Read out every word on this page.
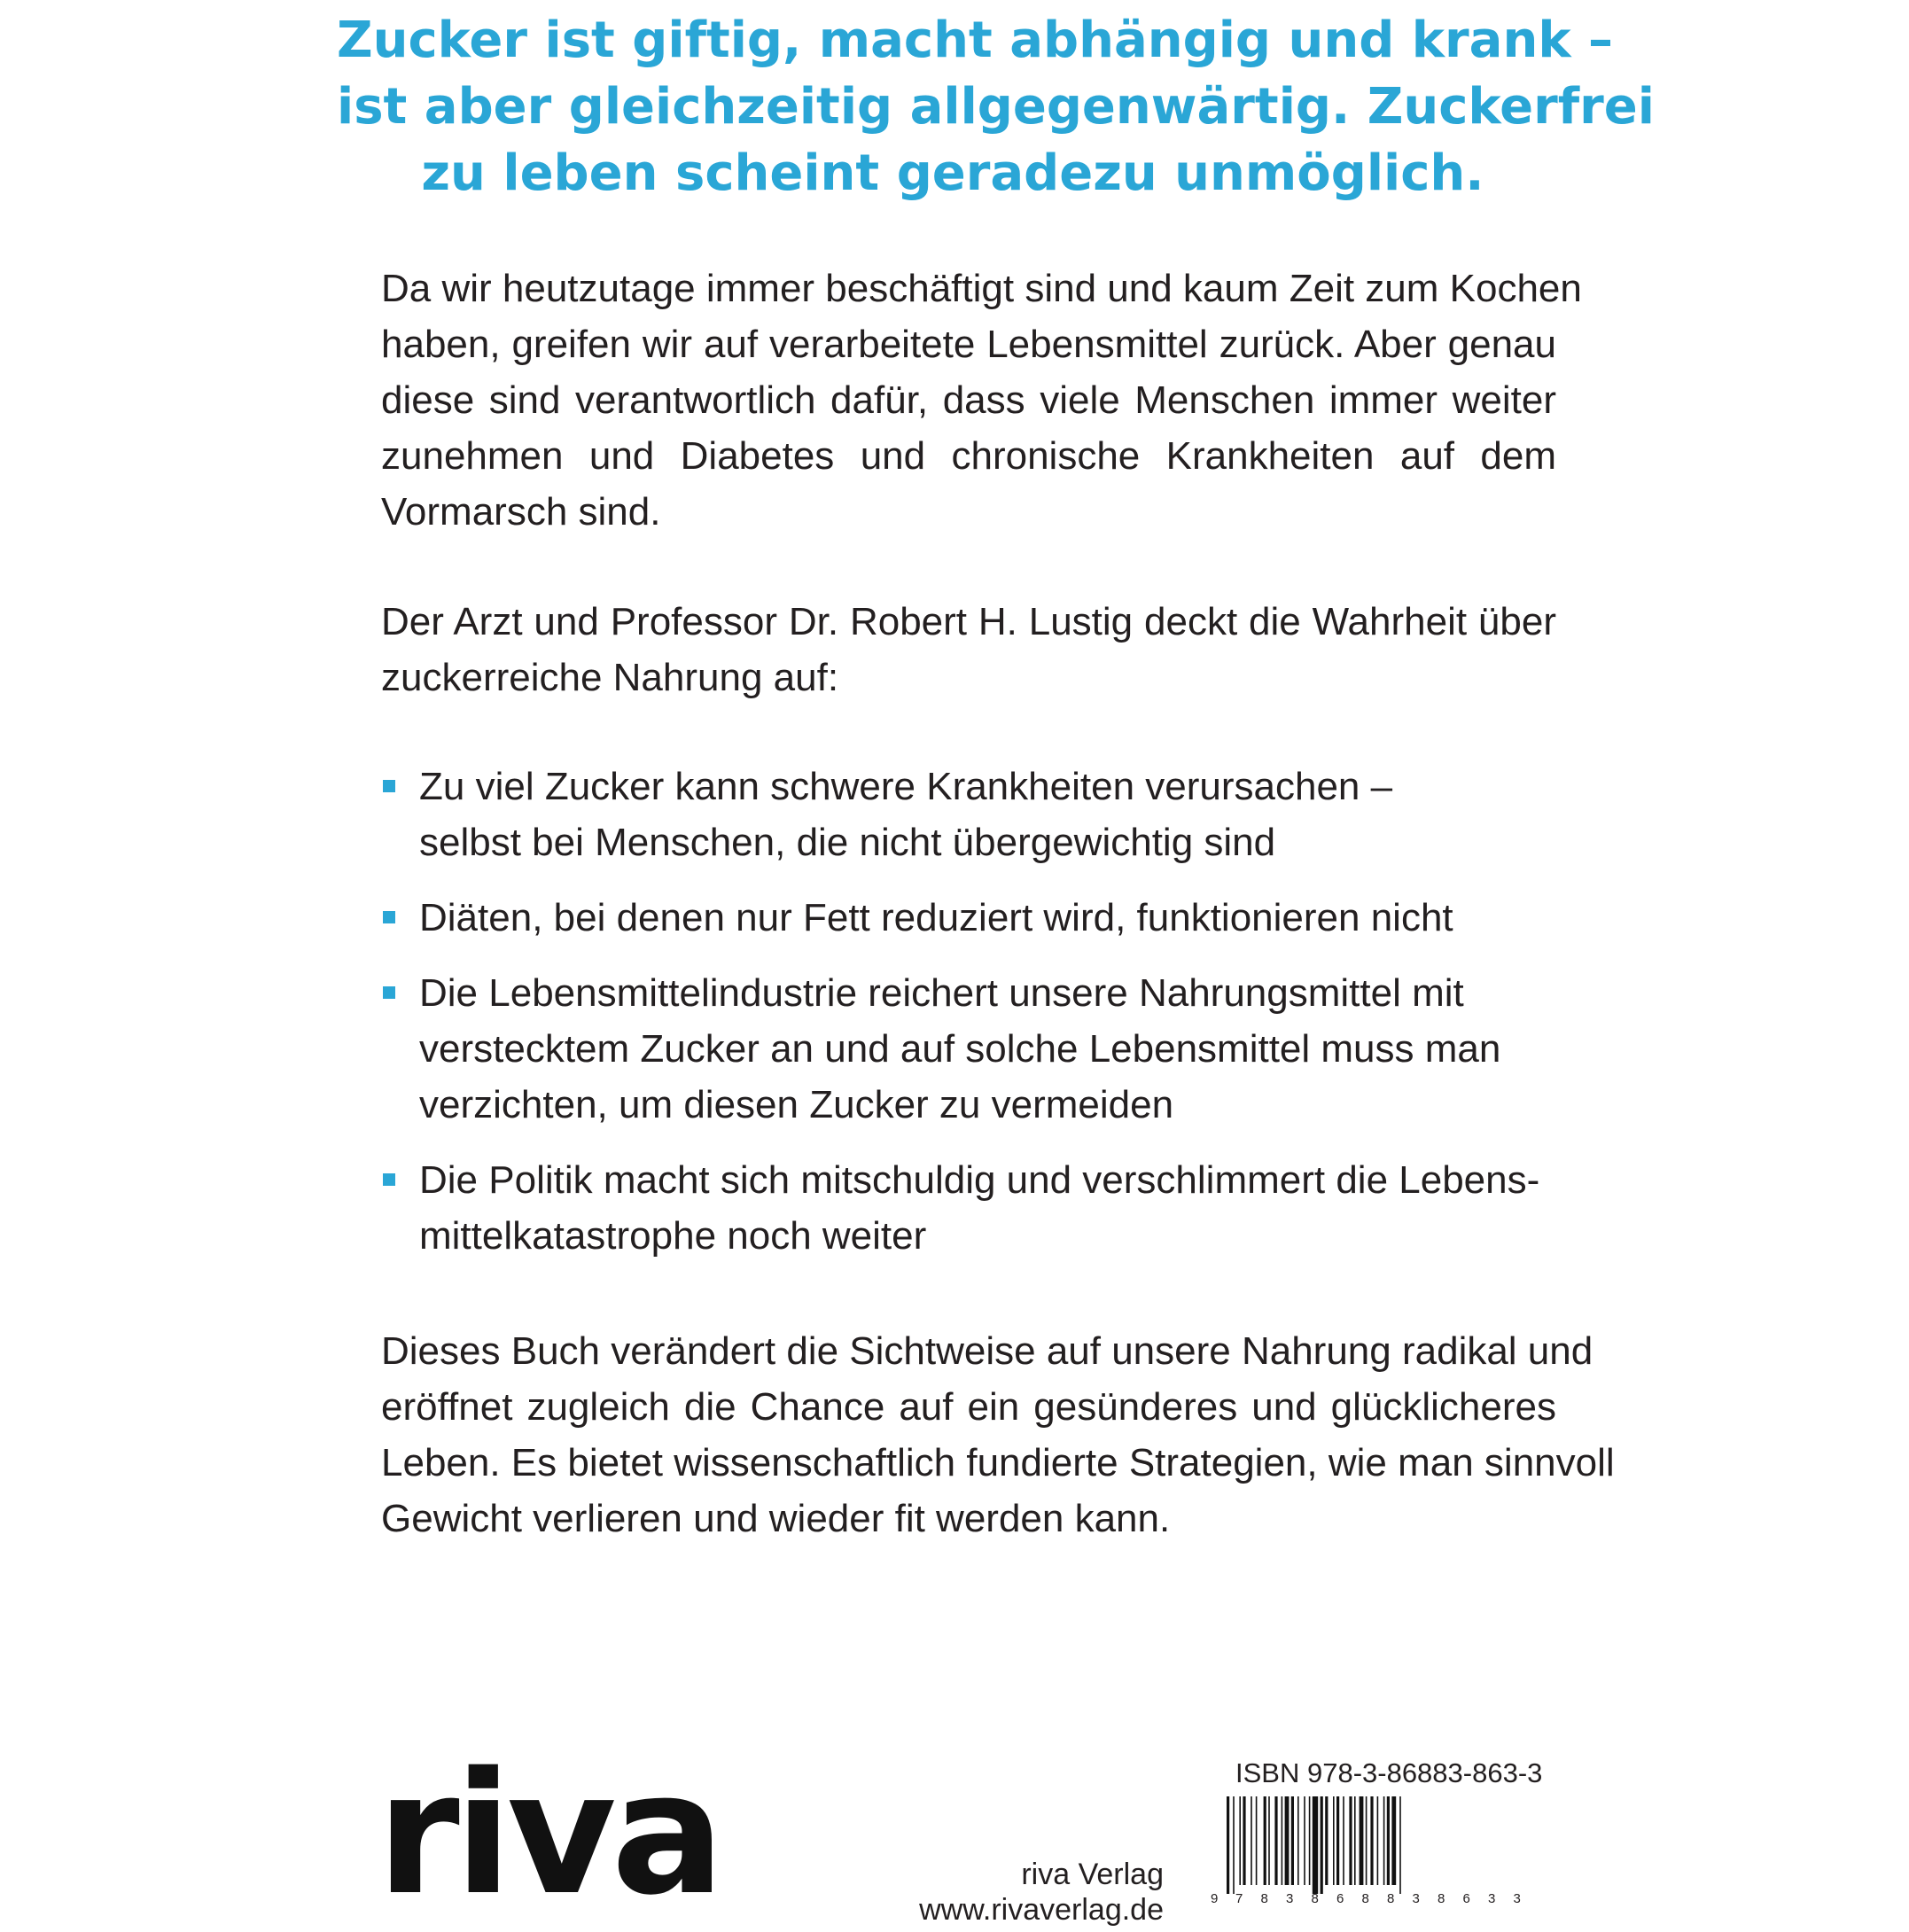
Zucker ist giftig, macht abhängig und krank –
ist aber gleichzeitig allgegenwärtig. Zuckerfrei
zu leben scheint geradezu unmöglich.

Da wir heutzutage immer beschäftigt sind und kaum Zeit zum Kochen
haben, greifen wir auf verarbeitete Lebensmittel zurück. Aber genau
diese sind verantwortlich dafür, dass viele Menschen immer weiter
zunehmen und Diabetes und chronische Krankheiten auf dem
Vormarsch sind.

Der Arzt und Professor Dr. Robert H. Lustig deckt die Wahrheit über
zuckerreiche Nahrung auf:

Zu viel Zucker kann schwere Krankheiten verursachen –
selbst bei Menschen, die nicht übergewichtig sind
Diäten, bei denen nur Fett reduziert wird, funktionieren nicht
Die Lebensmittelindustrie reichert unsere Nahrungsmittel mit
verstecktem Zucker an und auf solche Lebensmittel muss man
verzichten, um diesen Zucker zu vermeiden
Die Politik macht sich mitschuldig und verschlimmert die Lebens-
mittelkatastrophe noch weiter

Dieses Buch verändert die Sichtweise auf unsere Nahrung radikal und
eröffnet zugleich die Chance auf ein gesünderes und glücklicheres
Leben. Es bietet wissenschaftlich fundierte Strategien, wie man sinnvoll
Gewicht verlieren und wieder fit werden kann.

riva	riva Verlag
www.rivaverlag.de
ISBN 978-3-86883-863-3
9 7 8 3 8 6 8 8 3 8 6 3 3
